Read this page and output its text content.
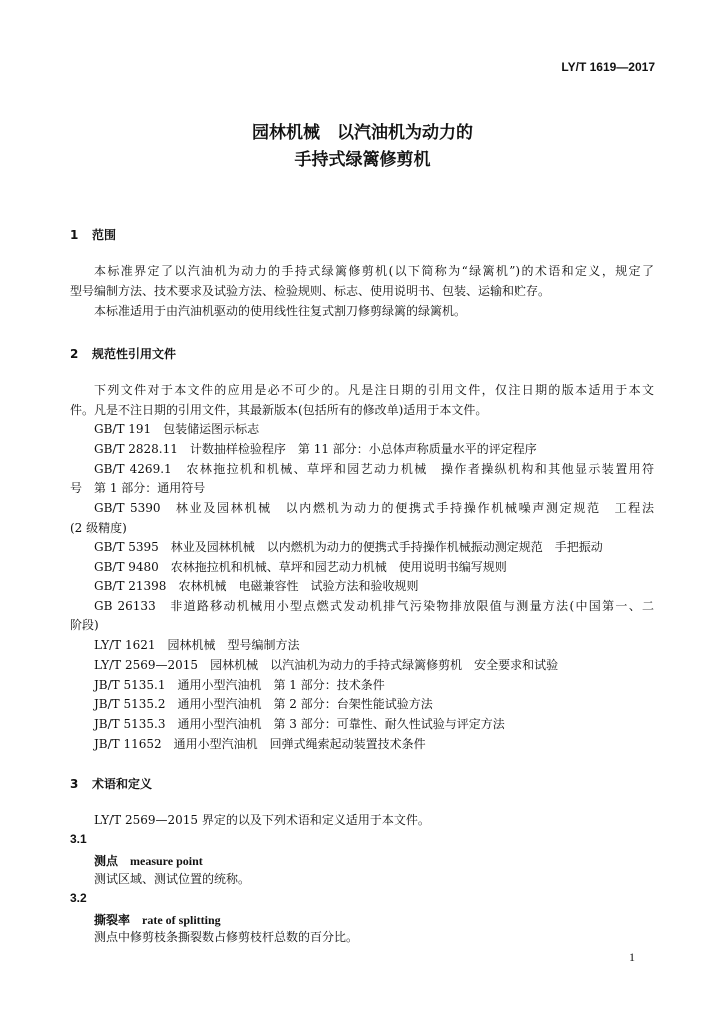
LY/T 1619—2017
园林机械　以汽油机为动力的
手持式绿篱修剪机
1 范围
本标准界定了以汽油机为动力的手持式绿篱修剪机(以下简称为“绿篱机”)的术语和定义，规定了
型号编制方法、技术要求及试验方法、检验规则、标志、使用说明书、包装、运输和贮存。
本标准适用于由汽油机驱动的使用线性往复式割刀修剪绿篱的绿篱机。
2 规范性引用文件
下列文件对于本文件的应用是必不可少的。凡是注日期的引用文件，仅注日期的版本适用于本文
件。凡是不注日期的引用文件，其最新版本(包括所有的修改单)适用于本文件。
GB/T 191　包装储运图示标志
GB/T 2828.11　计数抽样检验程序　第 11 部分：小总体声称质量水平的评定程序
GB/T 4269.1　农林拖拉机和机械、草坪和园艺动力机械　操作者操纵机构和其他显示装置用符
号　第 1 部分：通用符号
GB/T 5390　林业及园林机械　以内燃机为动力的便携式手持操作机械噪声测定规范　工程法
(2 级精度)
GB/T 5395　林业及园林机械　以内燃机为动力的便携式手持操作机械振动测定规范　手把振动
GB/T 9480　农林拖拉机和机械、草坪和园艺动力机械　使用说明书编写规则
GB/T 21398　农林机械　电磁兼容性　试验方法和验收规则
GB 26133　非道路移动机械用小型点燃式发动机排气污染物排放限值与测量方法(中国第一、二
阶段)
LY/T 1621　园林机械　型号编制方法
LY/T 2569—2015　园林机械　以汽油机为动力的手持式绿篱修剪机　安全要求和试验
JB/T 5135.1　通用小型汽油机　第 1 部分：技术条件
JB/T 5135.2　通用小型汽油机　第 2 部分：台架性能试验方法
JB/T 5135.3　通用小型汽油机　第 3 部分：可靠性、耐久性试验与评定方法
JB/T 11652　通用小型汽油机　回弹式绳索起动装置技术条件
3 术语和定义
LY/T 2569—2015 界定的以及下列术语和定义适用于本文件。
3.1
测点 measure point
测试区域、测试位置的统称。
3.2
撕裂率 rate of splitting
测点中修剪枝条撕裂数占修剪枝杆总数的百分比。
1
